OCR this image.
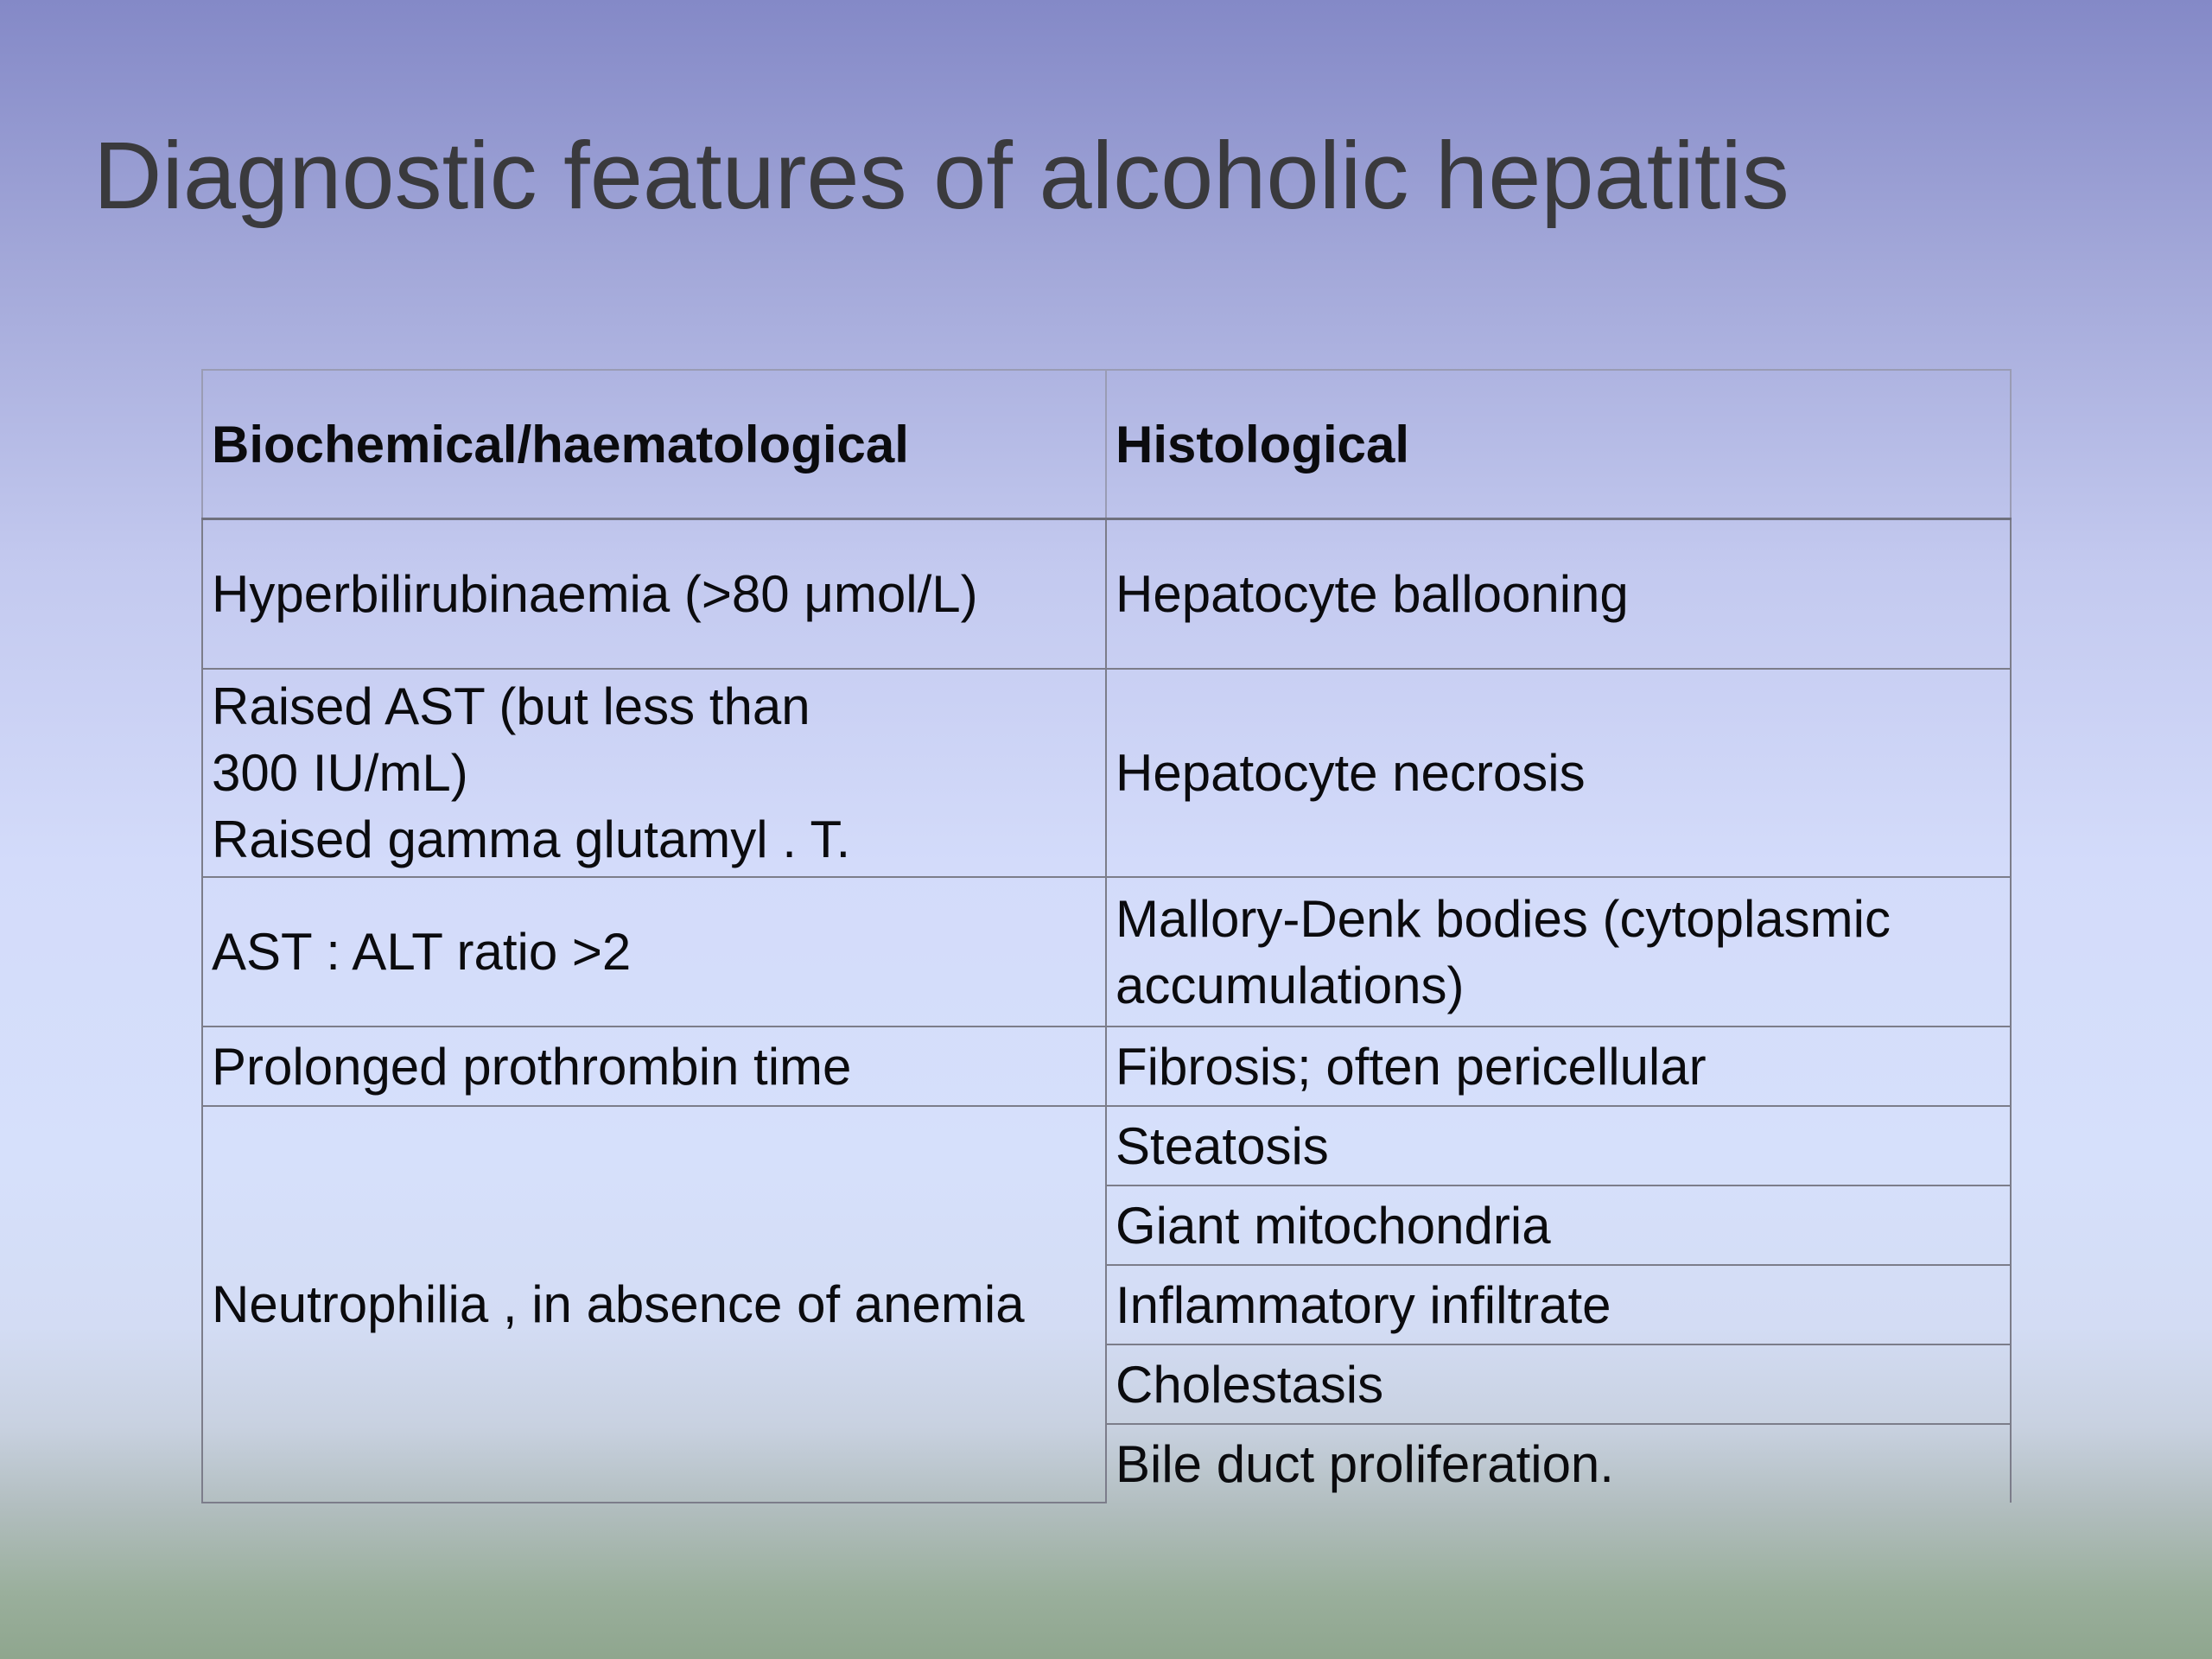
Diagnostic features of alcoholic hepatitis
Biochemical/haematological	Histological

Hyperbilirubinaemia (>80 μmol/L)	Hepatocyte ballooning

Raised AST (but less than
300 IU/mL)
Raised gamma glutamyl . T.	Hepatocyte necrosis

AST : ALT ratio >2	Mallory-Denk bodies (cytoplasmic
accumulations)

Prolonged prothrombin time	Fibrosis; often pericellular

Neutrophilia , in absence of anemia	Steatosis

	Giant mitochondria

	Inflammatory infiltrate

	Cholestasis

	Bile duct proliferation.
